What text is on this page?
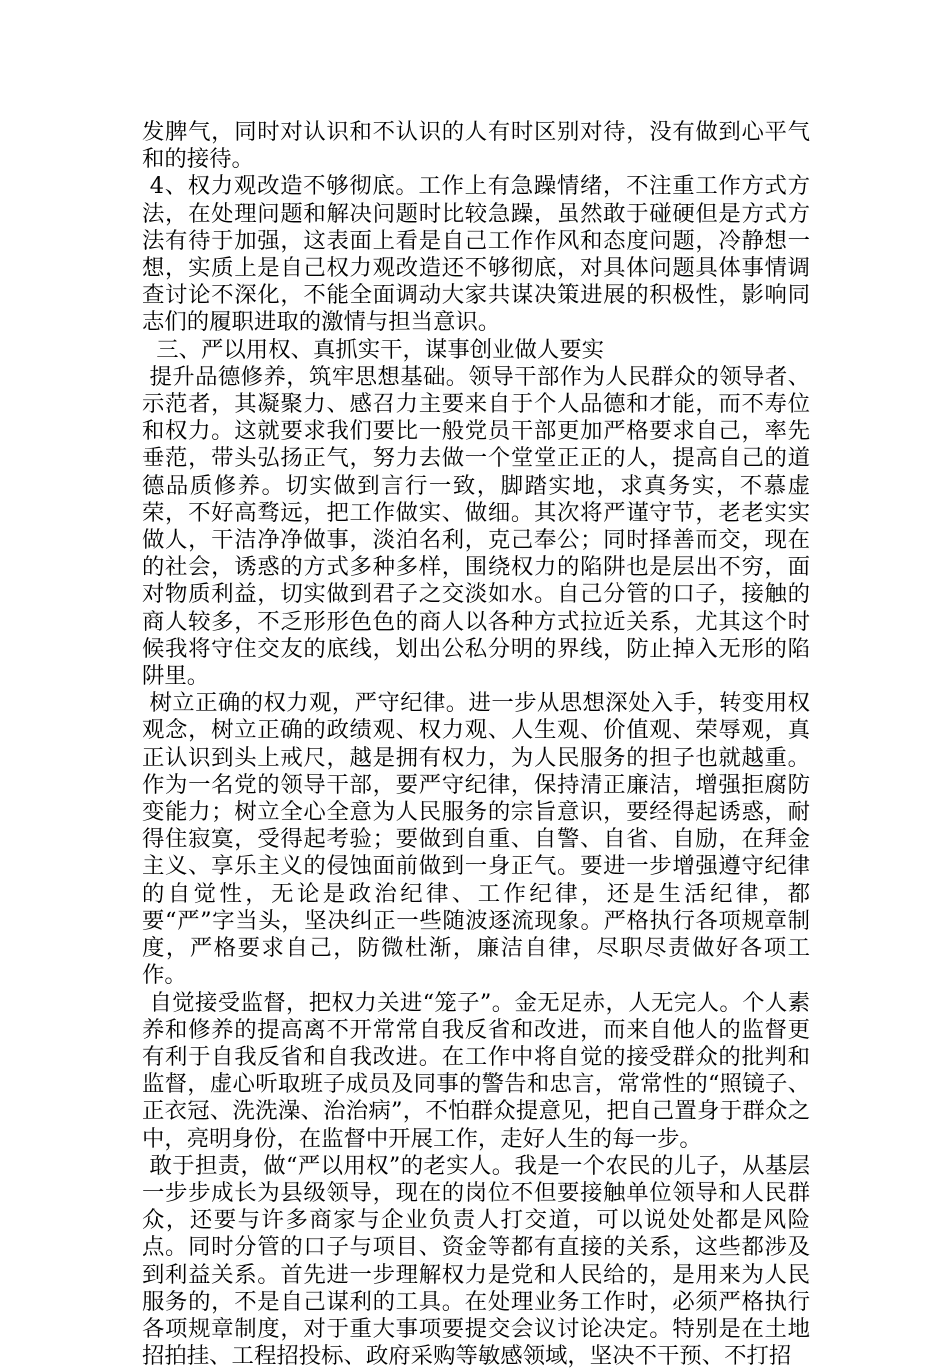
发脾气，同时对认识和不认识的人有时区别对待，没有做到心平气和的接待。

4、权力观改造不够彻底。工作上有急躁情绪，不注重工作方式方法，在处理问题和解决问题时比较急躁，虽然敢于碰硬但是方式方法有待于加强，这表面上看是自己工作作风和态度问题，冷静想一想，实质上是自己权力观改造还不够彻底，对具体问题具体事情调查讨论不深化，不能全面调动大家共谋决策进展的积极性，影响同志们的履职进取的激情与担当意识。

三、严以用权、真抓实干，谋事创业做人要实

提升品德修养，筑牢思想基础。领导干部作为人民群众的领导者、示范者，其凝聚力、感召力主要来自于个人品德和才能，而不寿位和权力。这就要求我们要比一般党员干部更加严格要求自己，率先垂范，带头弘扬正气，努力去做一个堂堂正正的人，提高自己的道德品质修养。切实做到言行一致，脚踏实地，求真务实，不慕虚荣，不好高骛远，把工作做实、做细。其次将严谨守节，老老实实做人，干洁净净做事，淡泊名利，克己奉公；同时择善而交，现在的社会，诱惑的方式多种多样，围绕权力的陷阱也是层出不穷，面对物质利益，切实做到君子之交淡如水。自己分管的口子，接触的商人较多，不乏形形色色的商人以各种方式拉近关系，尤其这个时候我将守住交友的底线，划出公私分明的界线，防止掉入无形的陷阱里。

树立正确的权力观，严守纪律。进一步从思想深处入手，转变用权观念，树立正确的政绩观、权力观、人生观、价值观、荣辱观，真正认识到头上戒尺，越是拥有权力，为人民服务的担子也就越重。作为一名党的领导干部，要严守纪律，保持清正廉洁，增强拒腐防变能力；树立全心全意为人民服务的宗旨意识，要经得起诱惑，耐得住寂寞，受得起考验；要做到自重、自警、自省、自励，在拜金主义、享乐主义的侵蚀面前做到一身正气。要进一步增强遵守纪律的自觉性，无论是政治纪律、工作纪律，还是生活纪律，都要“严”字当头，坚决纠正一些随波逐流现象。严格执行各项规章制度，严格要求自己，防微杜渐，廉洁自律，尽职尽责做好各项工作。

自觉接受监督，把权力关进“笼子”。金无足赤，人无完人。个人素养和修养的提高离不开常常自我反省和改进，而来自他人的监督更有利于自我反省和自我改进。在工作中将自觉的接受群众的批判和监督，虚心听取班子成员及同事的警告和忠言，常常性的“照镜子、正衣冠、洗洗澡、治治病”，不怕群众提意见，把自己置身于群众之中，亮明身份，在监督中开展工作，走好人生的每一步。

敢于担责，做“严以用权”的老实人。我是一个农民的儿子，从基层一步步成长为县级领导，现在的岗位不但要接触单位领导和人民群众，还要与许多商家与企业负责人打交道，可以说处处都是风险点。同时分管的口子与项目、资金等都有直接的关系，这些都涉及到利益关系。首先进一步理解权力是党和人民给的，是用来为人民服务的，不是自己谋利的工具。在处理业务工作时，必须严格执行各项规章制度，对于重大事项要提交会议讨论决定。特别是在土地招拍挂、工程招投标、政府采购等敏感领域，坚决不干预、不打招
